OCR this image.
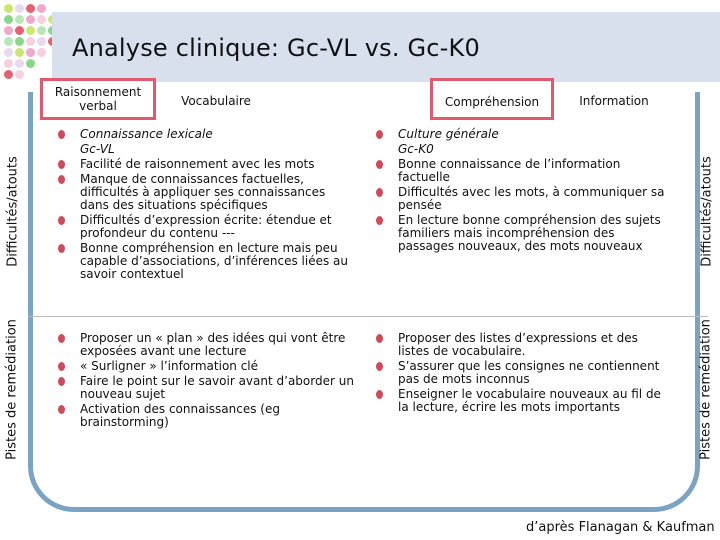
Analyse clinique: Gc-VL vs. Gc-K0
Raisonnement verbal	Vocabulaire	Compréhension	Information
Difficultés/atouts
Pistes de remédiation
Difficultés/atouts
Pistes de remédiation
Connaissance lexicale
Gc-VL
Facilité de raisonnement avec les mots
Manque de connaissances factuelles, difficultés à appliquer ses connaissances dans des situations spécifiques
Difficultés d’expression écrite: étendue et profondeur du contenu ---
Bonne compréhension en lecture mais peu capable d’associations, d’inférences liées au savoir contextuel
Culture générale
Gc-K0
Bonne connaissance de l’information factuelle
Difficultés avec les mots, à communiquer sa pensée
En lecture bonne compréhension des sujets familiers mais incompréhension des passages nouveaux, des mots nouveaux
Proposer un « plan » des idées qui vont être exposées avant une lecture
« Surligner » l’information clé
Faire le point sur le savoir avant d’aborder un nouveau sujet
Activation des connaissances (eg brainstorming)
Proposer des listes d’expressions et des listes de vocabulaire.
S’assurer que les consignes ne contiennent pas de mots inconnus
Enseigner le vocabulaire nouveaux au fil de la lecture, écrire les mots importants
d’après Flanagan & Kaufman
